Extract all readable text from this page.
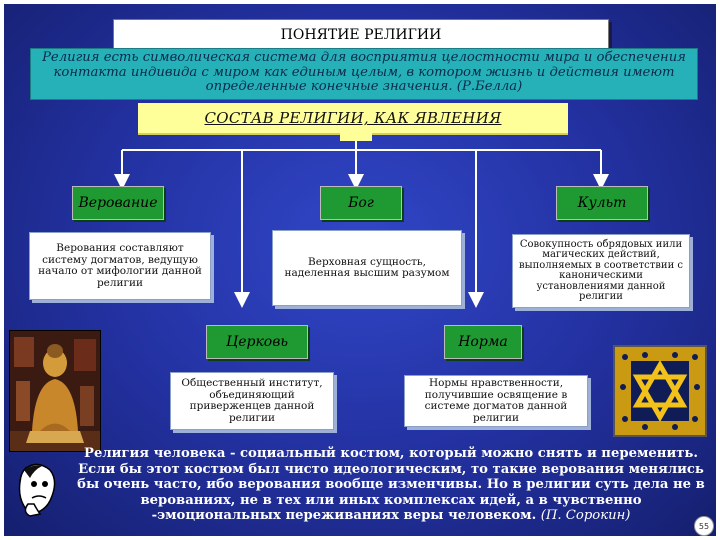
ПОНЯТИЕ РЕЛИГИИ
Религия есть символическая система для восприятия целостности мира и обеспечения контакта индивида с миром как единым целым, в котором жизнь и действия имеют определенные конечные значения. (Р.Белла)
СОСТАВ РЕЛИГИИ, КАК ЯВЛЕНИЯ
Верование
Верования составляют систему догматов, ведущую начало от мифологии данной религии
Бог
Верховная сущность, наделенная высшим разумом
Культ
Совокупность обрядовых иили магических действий, выполняемых в соответствии с каноническими установлениями данной религии
Церковь
Общественный институт, объединяющий приверженцев данной религии
Норма
Нормы нравственности, получившие освящение в системе догматов данной религии
Религия человека - социальный костюм, который можно снять и переменить. Если бы этот костюм был чисто идеологическим, то такие верования менялись бы очень часто, ибо верования вообще изменчивы. Но в религии суть дела не в верованиях, не в тех или иных комплексах идей, а в чувственно -эмоциональных переживаниях веры человеком. (П. Сорокин)
55
